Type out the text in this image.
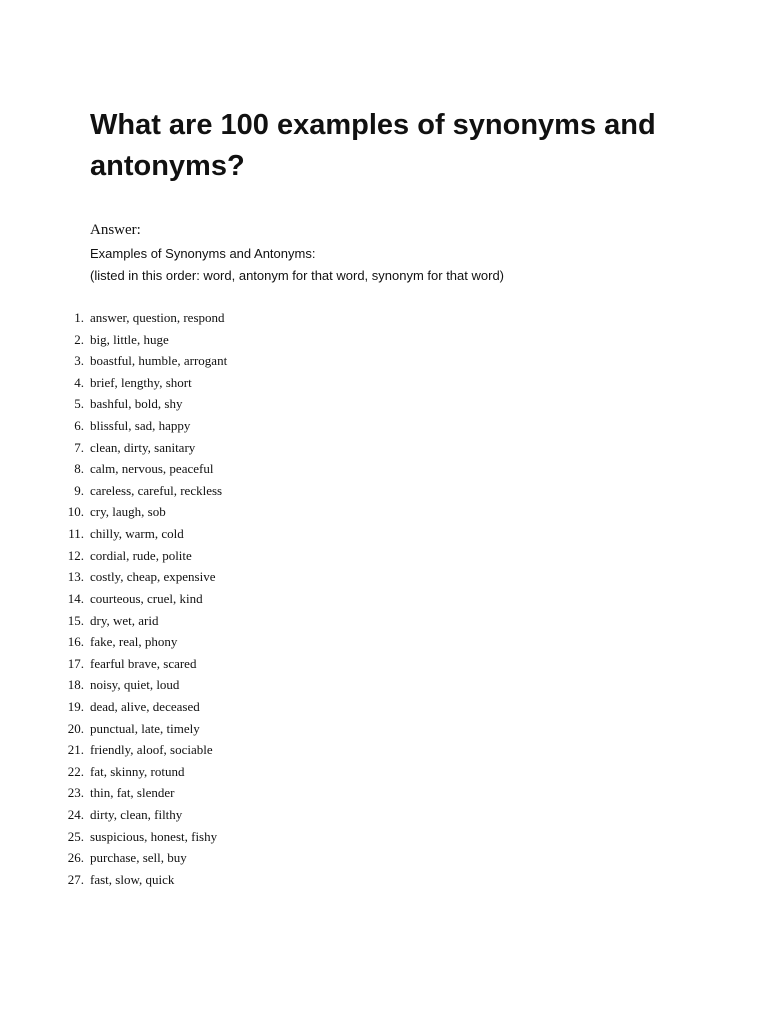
What are 100 examples of synonyms and antonyms?
Answer:
Examples of Synonyms and Antonyms:
(listed in this order: word, antonym for that word, synonym for that word)
1. answer, question, respond
2. big, little, huge
3. boastful, humble, arrogant
4. brief, lengthy, short
5. bashful, bold, shy
6. blissful, sad, happy
7. clean, dirty, sanitary
8. calm, nervous, peaceful
9. careless, careful, reckless
10. cry, laugh, sob
11. chilly, warm, cold
12. cordial, rude, polite
13. costly, cheap, expensive
14. courteous, cruel, kind
15. dry, wet, arid
16. fake, real, phony
17. fearful brave, scared
18. noisy, quiet, loud
19. dead, alive, deceased
20. punctual, late, timely
21. friendly, aloof, sociable
22. fat, skinny, rotund
23. thin, fat, slender
24. dirty, clean, filthy
25. suspicious, honest, fishy
26. purchase, sell, buy
27. fast, slow, quick
